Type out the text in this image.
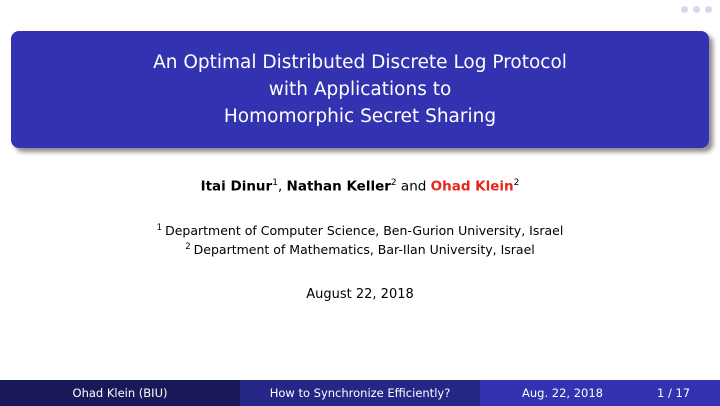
An Optimal Distributed Discrete Log Protocol
with Applications to
Homomorphic Secret Sharing
Itai Dinur$^1$, Nathan Keller$^2$ and Ohad Klein$^2$
$^1$ Department of Computer Science, Ben-Gurion University, Israel
$^2$ Department of Mathematics, Bar-Ilan University, Israel
August 22, 2018
Ohad Klein (BIU)	How to Synchronize Efficiently?	Aug. 22, 2018	1 / 17
